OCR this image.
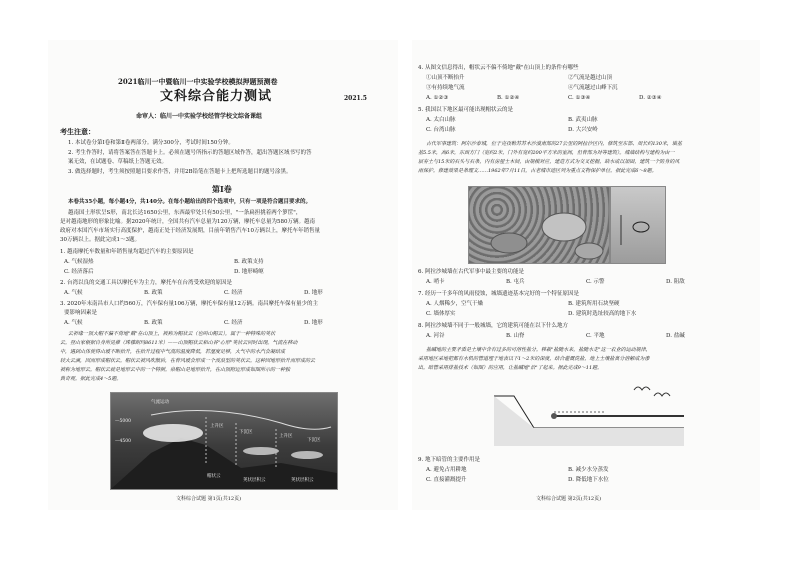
2021临川一中暨临川一中实验学校模拟押题预测卷
文科综合能力测试	2021.5
命审人：临川一中实验学校经管学校文综备课组
考生注意：
1. 本试卷分第Ⅰ卷和第Ⅱ卷两部分。满分300分，考试时间150分钟。
2. 考生作答时，请将答案答在答题卡上。必须在题号所指示的答题区域作答，超出答题区域书写的答
案无效，在试题卷、草稿纸上答题无效。
3. 做选择题时，考生须按照题目要求作答，并用2B铅笔在答题卡上把所选题目的题号涂黑。
第Ⅰ卷
本卷共35小题，每小题4分，共140分。在每小题给出的四个选项中，只有一项是符合题目要求的。
越南国土形状呈S形，南北长达1650公里，东西最窄处只有50公里，"一条扁担挑着两个箩筐"，
是对越南地形的形象比喻。据2020年统计，全国共有汽车总量为120万辆，摩托车总量为580万辆。越南
政府对本国汽车市场实行高度保护，越南正处于经济发展期，目前年销售汽车10万辆以上，摩托车年销售量
30万辆以上。据此完成1～3题。
1. 越南摩托车数量和年销售量均超过汽车的主要原因是
A. 气候湿热	B. 政策支持
C. 经济落后	D. 地形崎岖
2. 台湾以良的交通工具以摩托车为主力，摩托车在台湾受欢迎的原因是
A. 气候	B. 政策	C. 经济	D. 地形
3. 2020年末南昌市人口约560万，汽车保有量106万辆，摩托车保有量12万辆。南昌摩托车保有量少的主
要影响因素是
A. 气候	B. 政策	C. 经济	D. 地形
云祈缘一顶大帽不偏不倚地"戴"在山顶上，被称为帽状云（也叫山帽云），属于一种特殊的荚状
云。登山家根据自身所见推（珠穆朗玛8611米）——山顶帽状云和山谷"心形"荚状云同时出现。气流在移动
中，遇到山体使得山坡不断抬升，在抬升过程中气流的温度降低，若湿度足够，大气中的水汽会凝结成
较大云滴，因而形成帽状云。帽状云被风吹散后，在背风坡会形成一个波浪型的荚状云。这种因地形抬升而形成的云
被称为地形云。帽状云就是地形云中的一个特例。泉帽山是地形抬升，在山顶附近形成如图所示的一种独
典奇观。据此完成4～5题。
气流运动
—5000
—4500
上升区
下沉区
上升区
下沉区
帽状云
荚状层积云	荚状层积云
文科综合试题 第1页(共12页)
4. 从图文信息得出，帽状云不偏不倚地"戴"在山顶上的条件有哪些
①山顶不断抬升	②气流是越过山顶
③有持续地气流	④气流越过山峰下沉
A. ①②③	B. ①②④	C. ①③④	D. ②③④
5. 我国以下地区最可能出现帽状云的是
A. 太白山脉	B. 武夷山脉
C. 台湾山脉	D. 大兴安岭
古代军事建筑：阿尔沙泰城，位于克孜勒苏苏木沙漠南部的27公里的阿拉沙区内，修筑至东部、周长约130米，墙基
基5.5米，高6米，东西方门（宽约2米，门外有宽约200平方米的室间，但背部为对等建筑）。城墙结构与建构为由一
层夯土与15米的石头与石条，内有房屋土木间，由规模对应，建造方式为交叉挖掘，缺水或以加固，建筑一个防身的风
雨保护。修建效果是条理文……1962年7月11日，古老城市迹区列为重点文物保护单位。据此完成6～8题。
6. 阿拉沙城墙在古代军事中最主要的功能是
A. 哨卡	B. 屯兵	C. 示警	D. 阻敌
7. 经历一千多年的风雨侵蚀，城墙遗迹基本完好的一个特征原因是
A. 人烟稀少，空气干燥	B. 建筑所用石块坚硬
C. 墙体厚实	D. 建筑时选址较高的地下水
8. 阿拉沙城墙不同于一般城墙，它的建筑可能在以下什么地方
A. 河谷	B. 山脊	C. 平地	D. 盐碱
盐碱地的主要矛盾是土壤中含有过多的可溶性盐分。移栽"盐随水来，盐随水走"这一农业的运动规律，
采用地区采地把都有水机的管道埋于地表以下1～2米的深度，结合灌溉洗盐，地上土壤盐离分溶解成为渗
出。暗管采用排盐技术（如图）的应用，让盐碱地"治"了起来。据此完成9～11题。
9. 地下暗管的主要作用是
A. 避免占用耕地	B. 减少水分蒸发
C. 直接灌溉提升	D. 降低地下水位
文科综合试题 第2页(共12页)
